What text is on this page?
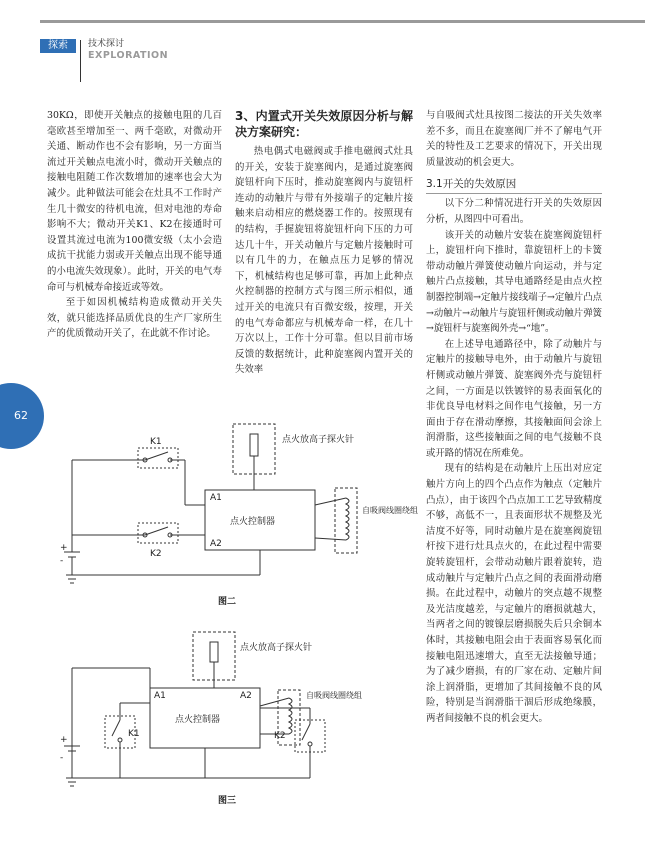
探索	技术探讨
EXPLORATION
62

30KΩ，即使开关触点的接触电阻的几百毫欧甚至增加至一、两千毫欧，对微动开关通、断动作也不会有影响，另一方面当流过开关触点电流小时，微动开关触点的接触电阻随工作次数增加的速率也会大为减少。此种做法可能会在灶具不工作时产生几十微安的待机电流，但对电池的寿命影响不大；微动开关K1、K2在接通时可设置其流过电流为100微安级（太小会造成抗干扰能力弱或开关触点出现不能导通的小电流失效现象）。此时，开关的电气寿命可与机械寿命接近或等效。

至于如因机械结构造成微动开关失效，就只能选择品质优良的生产厂家所生产的优质微动开关了，在此就不作讨论。

3、内置式开关失效原因分析与解决方案研究：

热电偶式电磁阀或手推电磁阀式灶具的开关，安装于旋塞阀内，是通过旋塞阀旋钮杆向下压时，推动旋塞阀内与旋钮杆连动的动触片与带有外接端子的定触片接触来启动相应的燃烧器工作的。按照现有的结构，手握旋钮将旋钮杆向下压的力可达几十牛，开关动触片与定触片接触时可以有几牛的力，在触点压力足够的情况下，机械结构也足够可靠，再加上此种点火控制器的控制方式与图三所示相似，通过开关的电流只有百微安级，按理，开关的电气寿命都应与机械寿命一样，在几十万次以上，工作十分可靠。但以目前市场反馈的数据统计，此种旋塞阀内置开关的失效率

与自吸阀式灶具按图二接法的开关失效率差不多，而且在旋塞阀厂并不了解电气开关的特性及工艺要求的情况下，开关出现质量波动的机会更大。

3.1开关的失效原因

以下分二种情况进行开关的失效原因分析，从图四中可看出。

该开关的动触片安装在旋塞阀旋钮杆上，旋钮杆向下推时，靠旋钮杆上的卡簧带动动触片弹簧使动触片向运动，并与定触片凸点接触，其导电通路经是由点火控制器控制端→定触片接线端子→定触片凸点→动触片→动触片与旋钮杆侧或动触片弹簧→旋钮杆与旋塞阀外壳→“地”。

在上述导电通路径中，除了动触片与定触片的接触导电外，由于动触片与旋钮杆侧或动触片弹簧、旋塞阀外壳与旋钮杆之间，一方面是以铁镀锌的易表面氧化的非优良导电材料之间作电气接触，另一方面由于存在滑动摩擦，其接触面间会涂上润滑脂，这些接触面之间的电气接触不良或开路的情况在所难免。

现有的结构是在动触片上压出对应定触片方向上的四个凸点作为触点（定触片凸点），由于该四个凸点加工工艺导致精度不够，高低不一，且表面形状不规整及光洁度不好等，同时动触片是在旋塞阀旋钮杆按下进行灶具点火的，在此过程中需要旋转旋钮杆，会带动动触片跟着旋转，造成动触片与定触片凸点之间的表面滑动磨损。在此过程中，动触片的突点越不规整及光洁度越差，与定触片的磨损就越大，当两者之间的镀镍层磨损脱失后只余铜本体时，其接触电阻会由于表面容易氧化而接触电阻迅速增大，直至无法接触导通；为了减少磨损，有的厂家在动、定触片间涂上润滑脂，更增加了其间接触不良的风险，特别是当润滑脂干涸后形成绝缘膜，两者间接触不良的机会更大。

点火放高子探火针
点火控制器
自吸阀线圈绕组
K1
K2
A1
A2
+
-
图二
点火放高子探火针
点火控制器
自吸阀线圈绕组
K1	K2
A1	A2
+
-
图三
